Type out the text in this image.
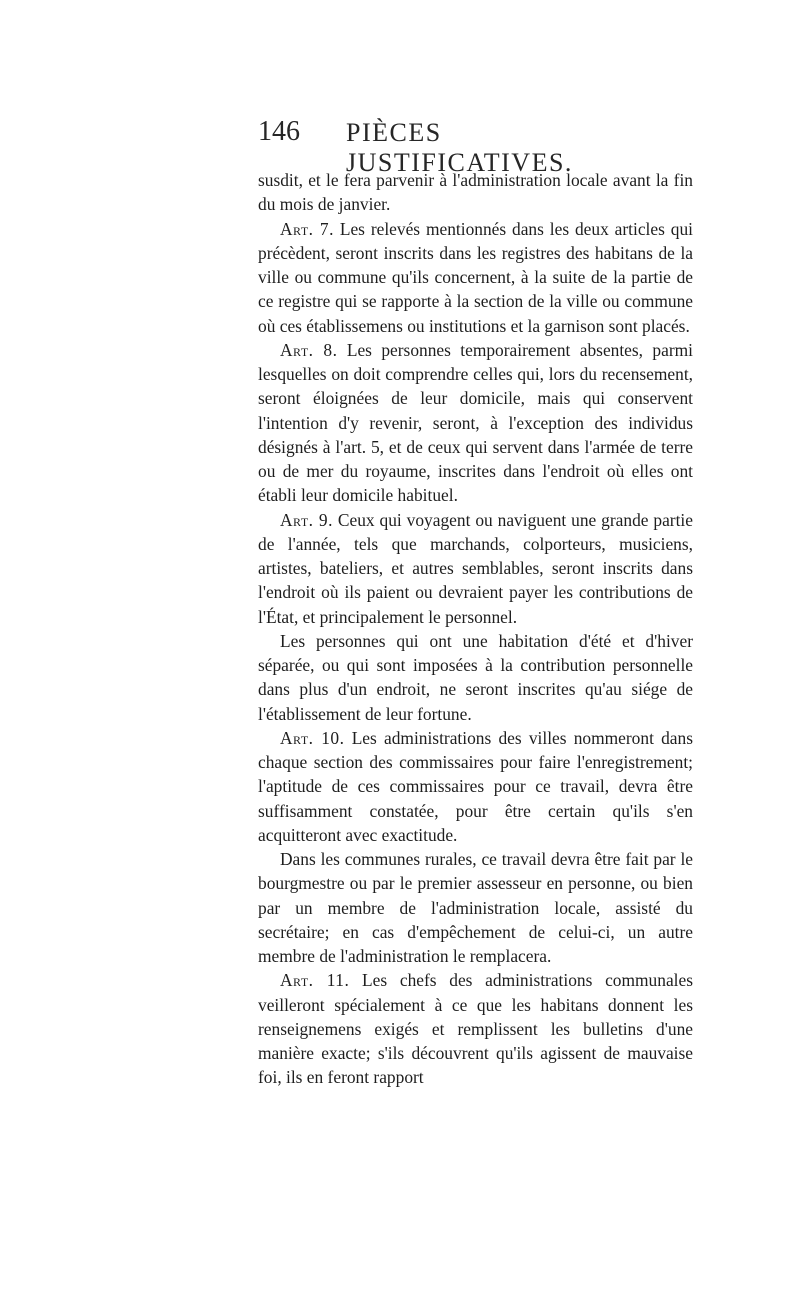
146 PIÈCES JUSTIFICATIVES.

susdit, et le fera parvenir à l'administration locale avant la fin du mois de janvier.

Art. 7. Les relevés mentionnés dans les deux articles qui précèdent, seront inscrits dans les registres des habitans de la ville ou commune qu'ils concernent, à la suite de la partie de ce registre qui se rapporte à la section de la ville ou commune où ces établissemens ou institutions et la garnison sont placés.

Art. 8. Les personnes temporairement absentes, parmi lesquelles on doit comprendre celles qui, lors du recensement, seront éloignées de leur domicile, mais qui conservent l'intention d'y revenir, seront, à l'exception des individus désignés à l'art. 5, et de ceux qui servent dans l'armée de terre ou de mer du royaume, inscrites dans l'endroit où elles ont établi leur domicile habituel.

Art. 9. Ceux qui voyagent ou naviguent une grande partie de l'année, tels que marchands, colporteurs, musiciens, artistes, bateliers, et autres semblables, seront inscrits dans l'endroit où ils paient ou devraient payer les contributions de l'État, et principalement le personnel.

Les personnes qui ont une habitation d'été et d'hiver séparée, ou qui sont imposées à la contribution personnelle dans plus d'un endroit, ne seront inscrites qu'au siége de l'établissement de leur fortune.

Art. 10. Les administrations des villes nommeront dans chaque section des commissaires pour faire l'enregistrement; l'aptitude de ces commissaires pour ce travail, devra être suffisamment constatée, pour être certain qu'ils s'en acquitteront avec exactitude.

Dans les communes rurales, ce travail devra être fait par le bourgmestre ou par le premier assesseur en personne, ou bien par un membre de l'administration locale, assisté du secrétaire; en cas d'empêchement de celui-ci, un autre membre de l'administration le remplacera.

Art. 11. Les chefs des administrations communales veilleront spécialement à ce que les habitans donnent les renseignemens exigés et remplissent les bulletins d'une manière exacte; s'ils découvrent qu'ils agissent de mauvaise foi, ils en feront rapport
